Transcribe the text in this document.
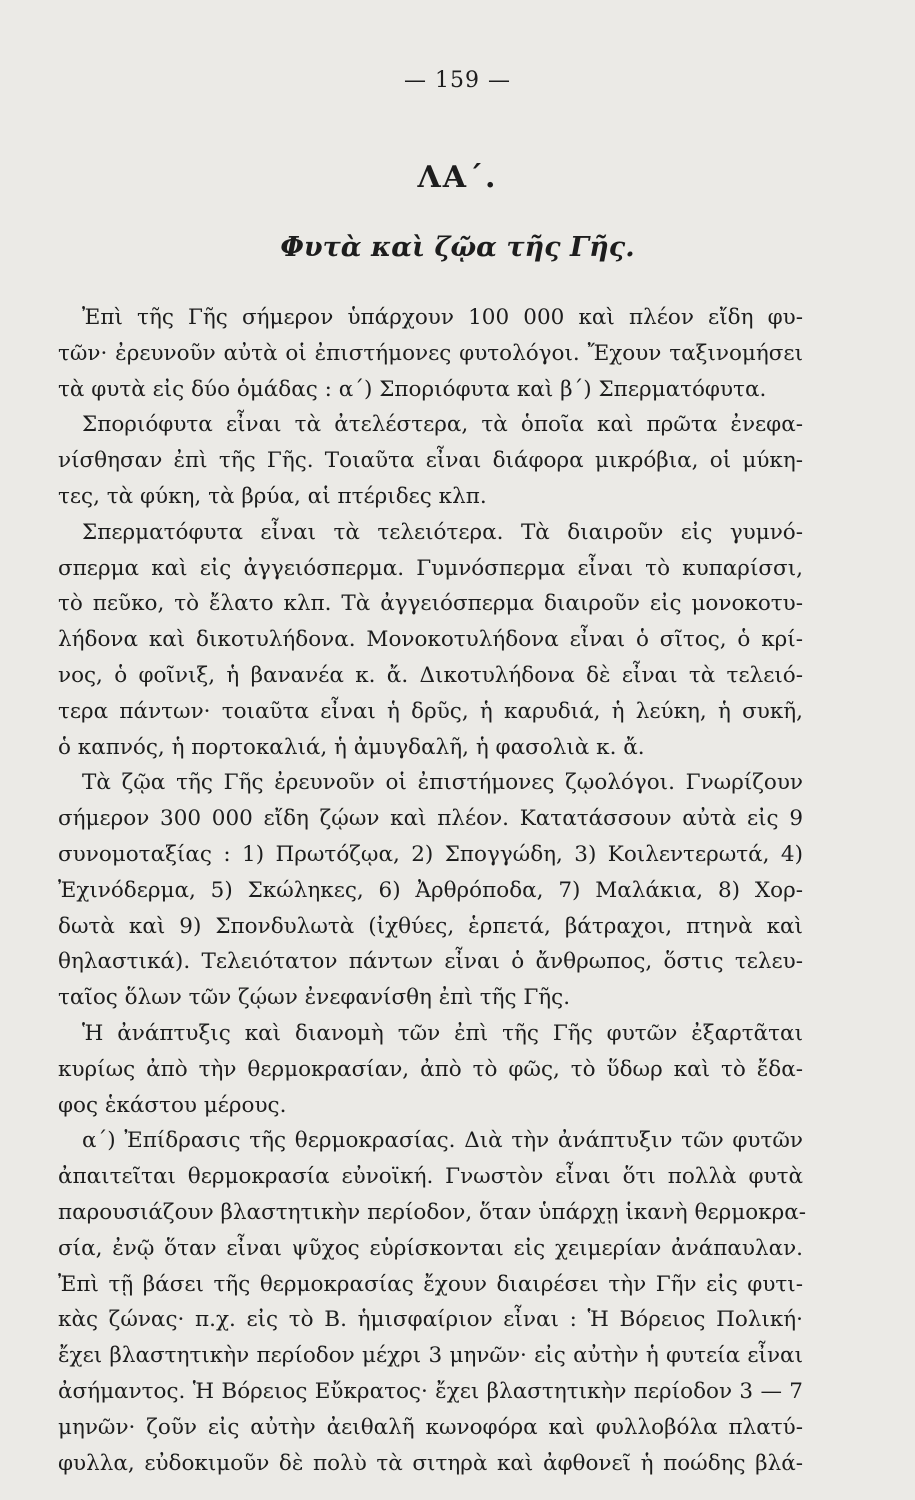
— 159 —
ΛΑ΄.
Φυτὰ καὶ ζῷα τῆς Γῆς.
Ἐπὶ τῆς Γῆς σήμερον ὑπάρχουν 100 000 καὶ πλέον εἴδη φυ-
τῶν· ἐρευνοῦν αὐτὰ οἱ ἐπιστήμονες φυτολόγοι. Ἔχουν ταξινομήσει
τὰ φυτὰ εἰς δύο ὁμάδας : α΄) Σποριόφυτα καὶ β΄) Σπερματόφυτα.
Σποριόφυτα εἶναι τὰ ἀτελέστερα, τὰ ὁποῖα καὶ πρῶτα ἐνεφα-
νίσθησαν ἐπὶ τῆς Γῆς. Τοιαῦτα εἶναι διάφορα μικρόβια, οἱ μύκη-
τες, τὰ φύκη, τὰ βρύα, αἱ πτέριδες κλπ.
Σπερματόφυτα εἶναι τὰ τελειότερα. Τὰ διαιροῦν εἰς γυμνό-
σπερμα καὶ εἰς ἀγγειόσπερμα. Γυμνόσπερμα εἶναι τὸ κυπαρίσσι,
τὸ πεῦκο, τὸ ἔλατο κλπ. Τὰ ἀγγειόσπερμα διαιροῦν εἰς μονοκοτυ-
λήδονα καὶ δικοτυλήδονα. Μονοκοτυλήδονα εἶναι ὁ σῖτος, ὁ κρί-
νος, ὁ φοῖνιξ, ἡ βανανέα κ. ἄ. Δικοτυλήδονα δὲ εἶναι τὰ τελειό-
τερα πάντων· τοιαῦτα εἶναι ἡ δρῦς, ἡ καρυδιά, ἡ λεύκη, ἡ συκῆ,
ὁ καπνός, ἡ πορτοκαλιά, ἡ ἀμυγδαλῆ, ἡ φασολιὰ κ. ἄ.
Τὰ ζῷα τῆς Γῆς ἐρευνοῦν οἱ ἐπιστήμονες ζῳολόγοι. Γνωρίζουν
σήμερον 300 000 εἴδη ζῴων καὶ πλέον. Κατατάσσουν αὐτὰ εἰς 9
συνομοταξίας : 1) Πρωτόζῳα, 2) Σπογγώδη, 3) Κοιλεντερωτά, 4)
Ἐχινόδερμα, 5) Σκώληκες, 6) Ἀρθρόποδα, 7) Μαλάκια, 8) Χορ-
δωτὰ καὶ 9) Σπονδυλωτὰ (ἰχθύες, ἑρπετά, βάτραχοι, πτηνὰ καὶ
θηλαστικά). Τελειότατον πάντων εἶναι ὁ ἄνθρωπος, ὅστις τελευ-
ταῖος ὅλων τῶν ζῴων ἐνεφανίσθη ἐπὶ τῆς Γῆς.
Ἡ ἀνάπτυξις καὶ διανομὴ τῶν ἐπὶ τῆς Γῆς φυτῶν ἐξαρτᾶται
κυρίως ἀπὸ τὴν θερμοκρασίαν, ἀπὸ τὸ φῶς, τὸ ὕδωρ καὶ τὸ ἔδα-
φος ἑκάστου μέρους.
α΄) Ἐπίδρασις τῆς θερμοκρασίας. Διὰ τὴν ἀνάπτυξιν τῶν φυτῶν
ἀπαιτεῖται θερμοκρασία εὐνοϊκή. Γνωστὸν εἶναι ὅτι πολλὰ φυτὰ
παρουσιάζουν βλαστητικὴν περίοδον, ὅταν ὑπάρχῃ ἱκανὴ θερμοκρα-
σία, ἐνῷ ὅταν εἶναι ψῦχος εὑρίσκονται εἰς χειμερίαν ἀνάπαυλαν.
Ἐπὶ τῇ βάσει τῆς θερμοκρασίας ἔχουν διαιρέσει τὴν Γῆν εἰς φυτι-
κὰς ζώνας· π.χ. εἰς τὸ Β. ἡμισφαίριον εἶναι : Ἡ Βόρειος Πολική·
ἔχει βλαστητικὴν περίοδον μέχρι 3 μηνῶν· εἰς αὐτὴν ἡ φυτεία εἶναι
ἀσήμαντος. Ἡ Βόρειος Εὔκρατος· ἔχει βλαστητικὴν περίοδον 3 — 7
μηνῶν· ζοῦν εἰς αὐτὴν ἀειθαλῆ κωνοφόρα καὶ φυλλοβόλα πλατύ-
φυλλα, εὐδοκιμοῦν δὲ πολὺ τὰ σιτηρὰ καὶ ἀφθονεῖ ἡ ποώδης βλά-
